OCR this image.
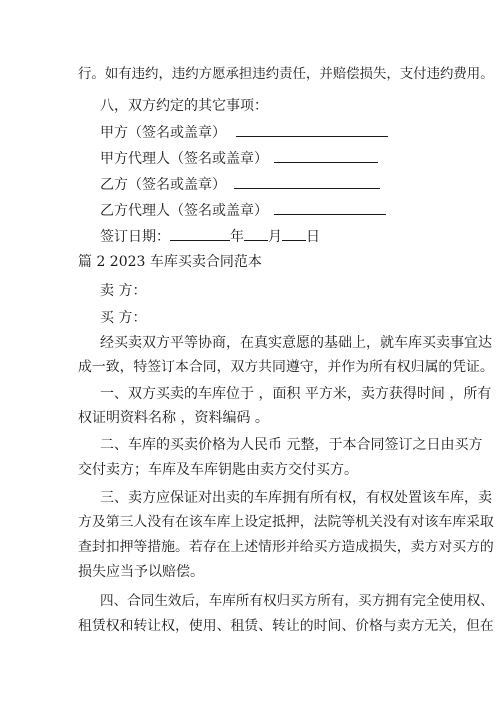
行。如有违约，违约方愿承担违约责任，并赔偿损失，支付违约费用。
八，双方约定的其它事项：
甲方（签名或盖章）
甲方代理人（签名或盖章）
乙方（签名或盖章）
乙方代理人（签名或盖章）
签订日期：	年 月 日
篇 2 2023 车库买卖合同范本
卖 方：
买 方：
经买卖双方平等协商，在真实意愿的基础上，就车库买卖事宜达
成一致，特签订本合同，双方共同遵守，并作为所有权归属的凭证。
一、双方买卖的车库位于 ，面积 平方米，卖方获得时间 ，所有
权证明资料名称 ，资料编码 。
二、车库的买卖价格为人民币 元整，于本合同签订之日由买方
交付卖方；车库及车库钥匙由卖方交付买方。
三、卖方应保证对出卖的车库拥有所有权，有权处置该车库，卖
方及第三人没有在该车库上设定抵押，法院等机关没有对该车库采取
查封扣押等措施。若存在上述情形并给买方造成损失，卖方对买方的
损失应当予以赔偿。
四、合同生效后，车库所有权归买方所有，买方拥有完全使用权、
租赁权和转让权，使用、租赁、转让的时间、价格与卖方无关，但在
